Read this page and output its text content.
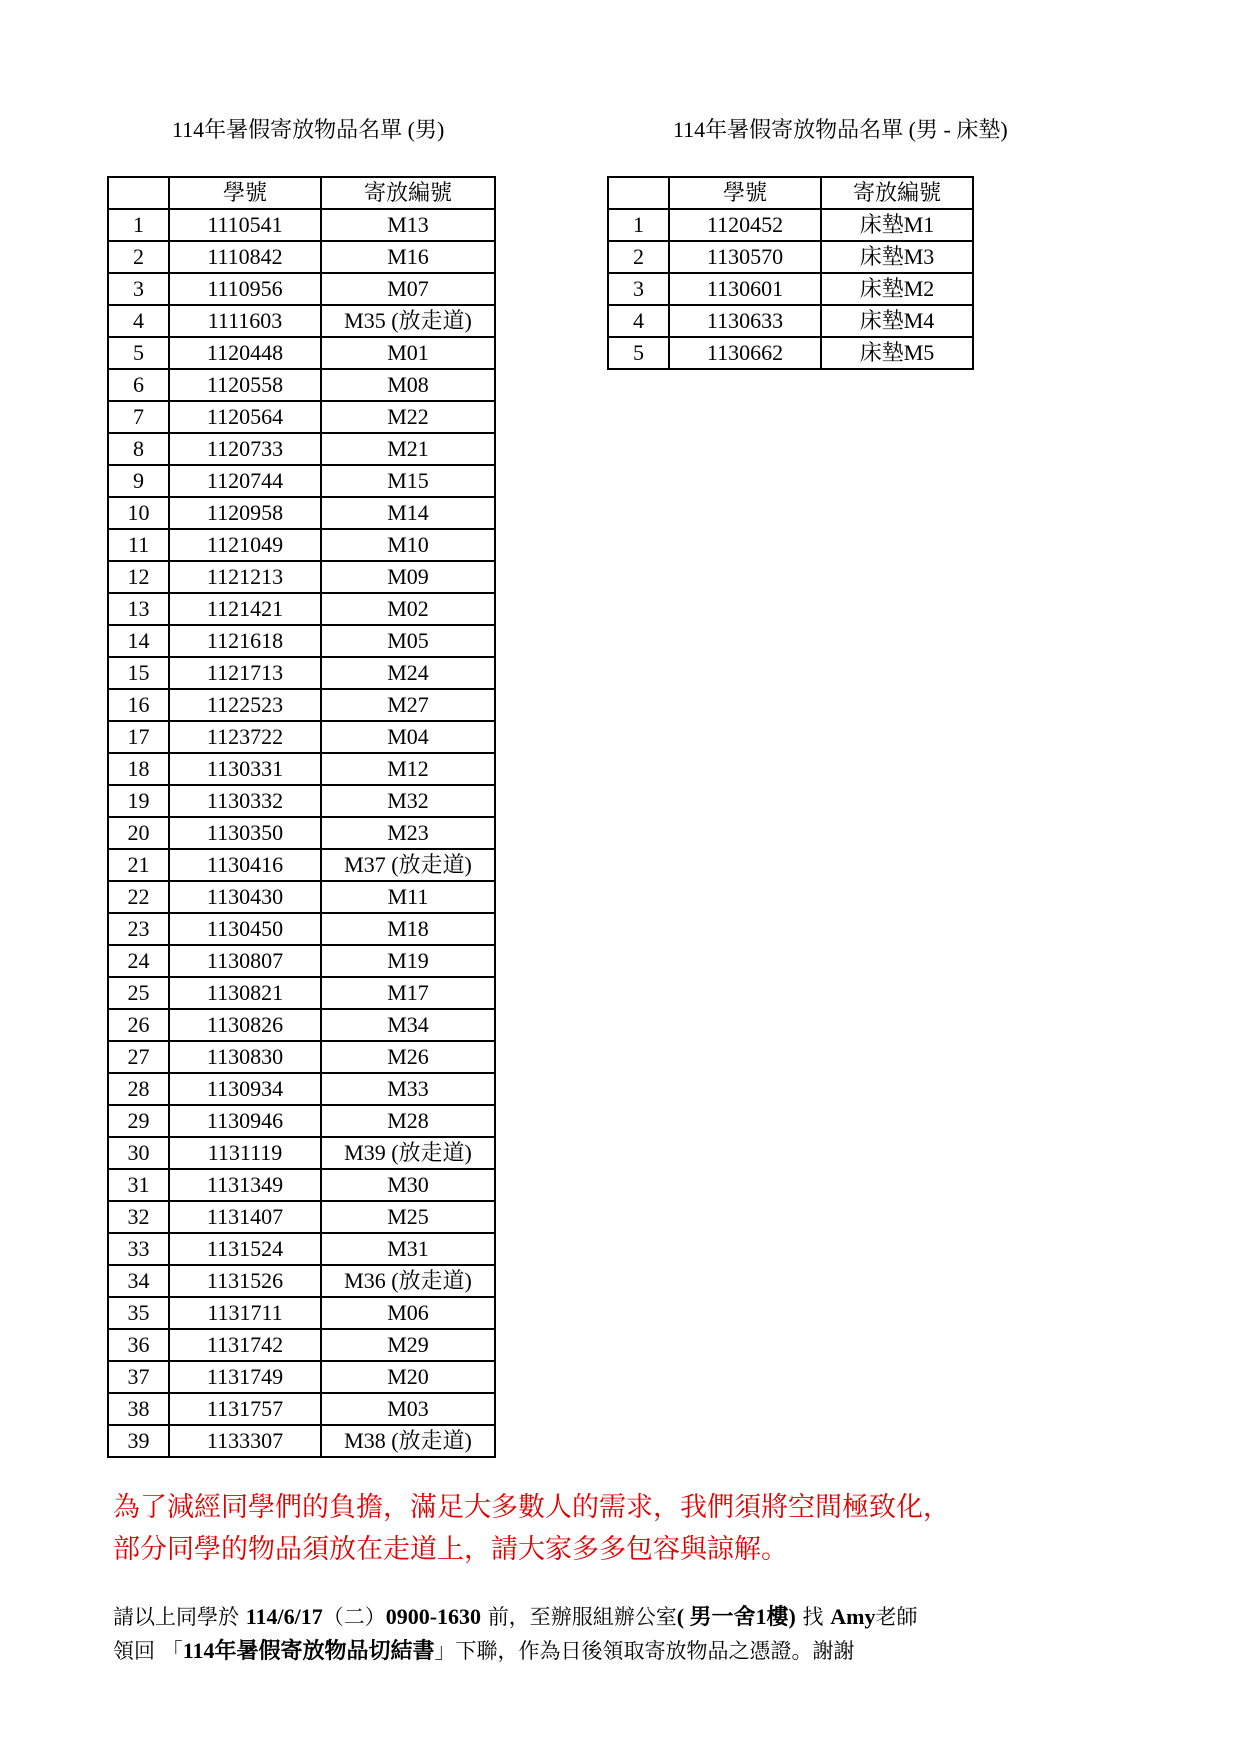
114年暑假寄放物品名單 (男)	114年暑假寄放物品名單 (男 - 床墊)
	學號	寄放編號
1	1110541	M13
2	1110842	M16
3	1110956	M07
4	1111603	M35 (放走道)
5	1120448	M01
6	1120558	M08
7	1120564	M22
8	1120733	M21
9	1120744	M15
10	1120958	M14
11	1121049	M10
12	1121213	M09
13	1121421	M02
14	1121618	M05
15	1121713	M24
16	1122523	M27
17	1123722	M04
18	1130331	M12
19	1130332	M32
20	1130350	M23
21	1130416	M37 (放走道)
22	1130430	M11
23	1130450	M18
24	1130807	M19
25	1130821	M17
26	1130826	M34
27	1130830	M26
28	1130934	M33
29	1130946	M28
30	1131119	M39 (放走道)
31	1131349	M30
32	1131407	M25
33	1131524	M31
34	1131526	M36 (放走道)
35	1131711	M06
36	1131742	M29
37	1131749	M20
38	1131757	M03
39	1133307	M38 (放走道)
	學號	寄放編號
1	1120452	床墊M1
2	1130570	床墊M3
3	1130601	床墊M2
4	1130633	床墊M4
5	1130662	床墊M5
為了減經同學們的負擔，滿足大多數人的需求，我們須將空間極致化，
部分同學的物品須放在走道上，請大家多多包容與諒解。
請以上同學於 114/6/17（二）0900-1630 前，至辦服組辦公室( 男一舍1樓) 找 Amy老師
領回 「114年暑假寄放物品切結書」下聯，作為日後領取寄放物品之憑證。謝謝
